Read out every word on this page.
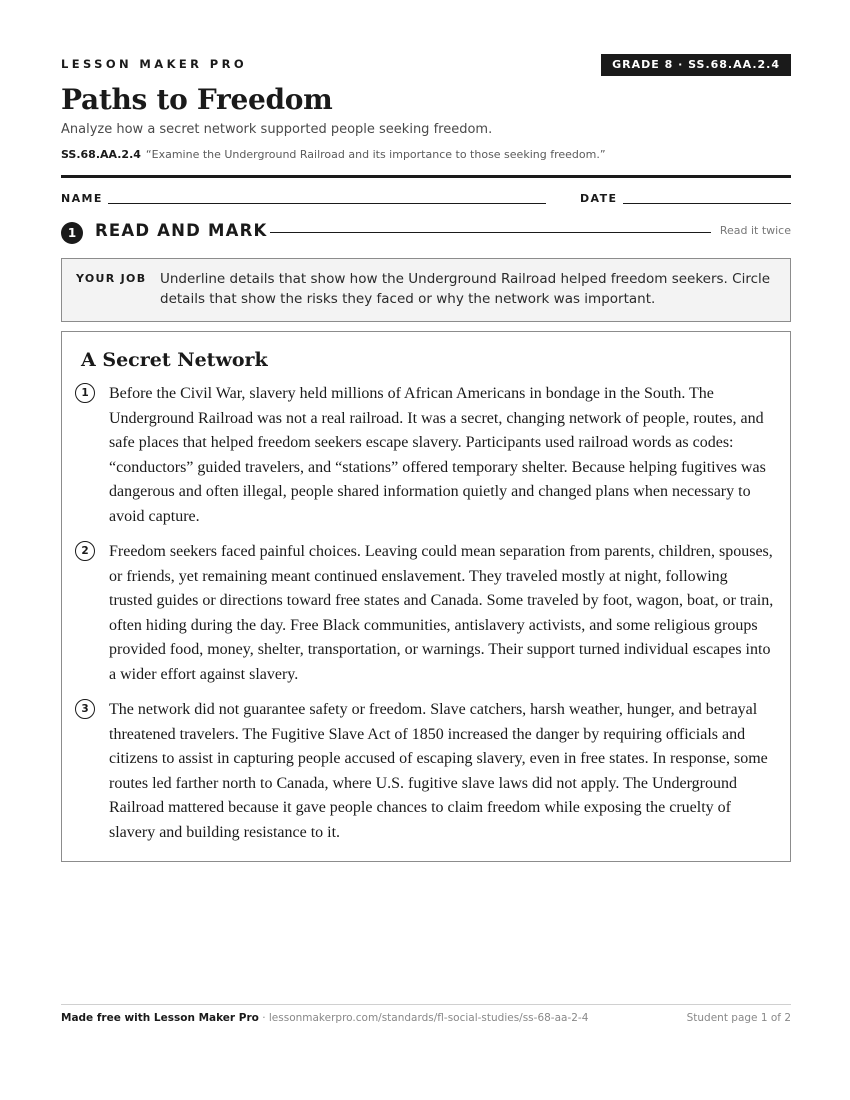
LESSON MAKER PRO	GRADE 8 · SS.68.AA.2.4
Paths to Freedom
Analyze how a secret network supported people seeking freedom.
SS.68.AA.2.4 “Examine the Underground Railroad and its importance to those seeking freedom.”
NAME	DATE
1	READ AND MARK	Read it twice
YOUR JOB Underline details that show how the Underground Railroad helped freedom seekers. Circle details that show the risks they faced or why the network was important.
A Secret Network
1	Before the Civil War, slavery held millions of African Americans in bondage in the South. The Underground Railroad was not a real railroad. It was a secret, changing network of people, routes, and safe places that helped freedom seekers escape slavery. Participants used railroad words as codes: “conductors” guided travelers, and “stations” offered temporary shelter. Because helping fugitives was dangerous and often illegal, people shared information quietly and changed plans when necessary to avoid capture.

2	Freedom seekers faced painful choices. Leaving could mean separation from parents, children, spouses, or friends, yet remaining meant continued enslavement. They traveled mostly at night, following trusted guides or directions toward free states and Canada. Some traveled by foot, wagon, boat, or train, often hiding during the day. Free Black communities, antislavery activists, and some religious groups provided food, money, shelter, transportation, or warnings. Their support turned individual escapes into a wider effort against slavery.

3	The network did not guarantee safety or freedom. Slave catchers, harsh weather, hunger, and betrayal threatened travelers. The Fugitive Slave Act of 1850 increased the danger by requiring officials and citizens to assist in capturing people accused of escaping slavery, even in free states. In response, some routes led farther north to Canada, where U.S. fugitive slave laws did not apply. The Underground Railroad mattered because it gave people chances to claim freedom while exposing the cruelty of slavery and building resistance to it.

Made free with Lesson Maker Pro · lessonmakerpro.com/standards/fl-social-studies/ss-68-aa-2-4	Student page 1 of 2
